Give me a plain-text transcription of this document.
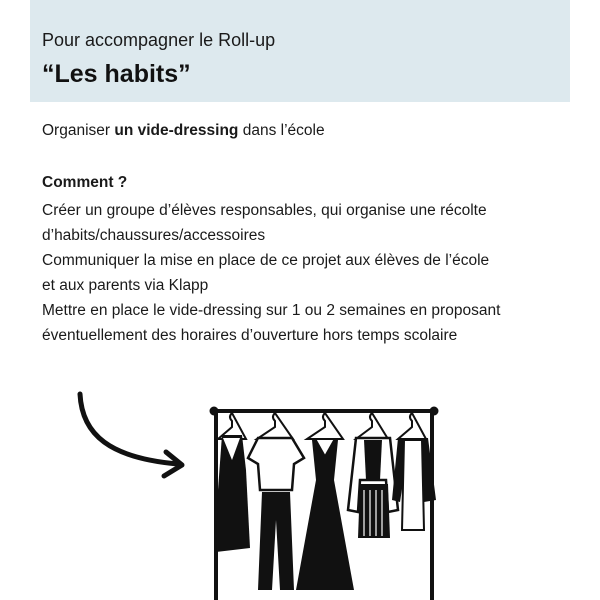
Pour accompagner le Roll-up
“Les habits”
Organiser un vide-dressing dans l’école
Comment ?
Créer un groupe d’élèves responsables, qui organise une récolte
d’habits/chaussures/accessoires
Communiquer la mise en place de ce projet aux élèves de l’école
et aux parents via Klapp
Mettre en place le vide-dressing sur 1 ou 2 semaines en proposant
éventuellement des horaires d’ouverture hors temps scolaire
